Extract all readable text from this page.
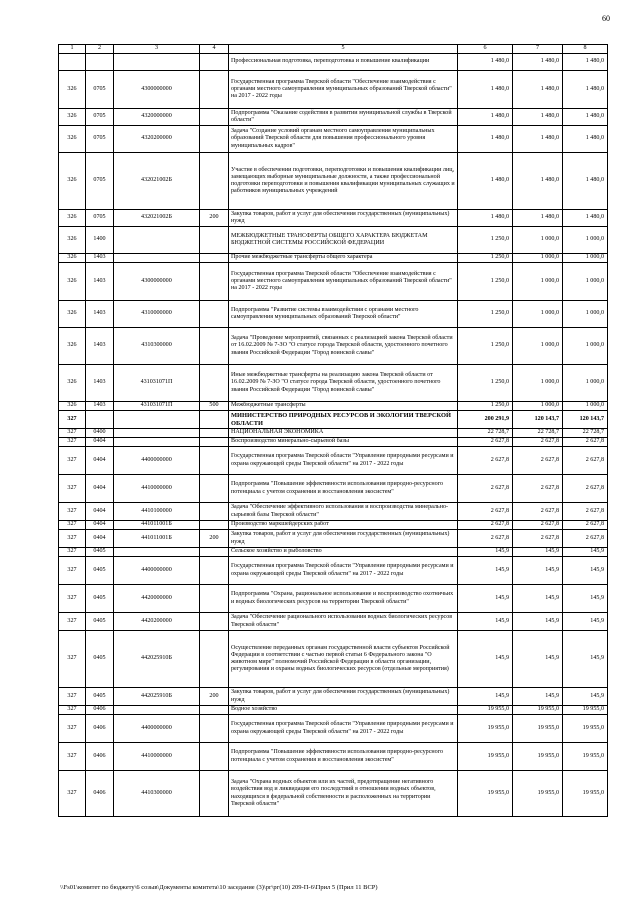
60
1	2	3	4	5	6	7	8
				Профессиональная подготовка, переподготовка и повышение квалификации	1 480,0	1 480,0	1 480,0
326	0705	4300000000		Государственная программа Тверской области "Обеспечение взаимодействия с органами местного самоуправления муниципальных образований Тверской области" на 2017 - 2022 годы	1 480,0	1 480,0	1 480,0
326	0705	4320000000		Подпрограмма "Оказание содействия в развитии муниципальной службы в Тверской области"	1 480,0	1 480,0	1 480,0
326	0705	4320200000		Задача "Создание условий органам местного самоуправления муниципальных образований Тверской области для повышения профессионального уровня муниципальных кадров"	1 480,0	1 480,0	1 480,0
326	0705	432021002Б		Участие в обеспечении подготовки, переподготовки и повышения квалификации лиц, замещающих выборные муниципальные должности, а также профессиональной подготовки переподготовки и повышения квалификации муниципальных служащих и работников муниципальных учреждений	1 480,0	1 480,0	1 480,0
326	0705	432021002Б	200	Закупка товаров, работ и услуг для обеспечения государственных (муниципальных) нужд	1 480,0	1 480,0	1 480,0
326	1400			МЕЖБЮДЖЕТНЫЕ ТРАНСФЕРТЫ ОБЩЕГО ХАРАКТЕРА БЮДЖЕТАМ БЮДЖЕТНОЙ СИСТЕМЫ РОССИЙСКОЙ ФЕДЕРАЦИИ	1 250,0	1 000,0	1 000,0
326	1403			Прочие межбюджетные трансферты общего характера	1 250,0	1 000,0	1 000,0
326	1403	4300000000		Государственная программа Тверской области "Обеспечение взаимодействия с органами местного самоуправления муниципальных образований Тверской области" на 2017 - 2022 годы	1 250,0	1 000,0	1 000,0
326	1403	4310000000		Подпрограмма "Развитие системы взаимодействия с органами местного самоуправления муниципальных образований Тверской области"	1 250,0	1 000,0	1 000,0
326	1403	4310300000		Задача "Проведение мероприятий, связанных с реализацией закона Тверской области от 16.02.2009 № 7-ЗО "О статусе города Тверской области, удостоенного почетного звания Российской Федерации "Город воинской славы"	1 250,0	1 000,0	1 000,0
326	1403	431031071П		Иные межбюджетные трансферты на реализацию закона Тверской области от 16.02.2009 № 7-ЗО "О статусе города Тверской области, удостоенного почетного звания Российской Федерации "Город воинской славы"	1 250,0	1 000,0	1 000,0
326	1403	431031071П	500	Межбюджетные трансферты	1 250,0	1 000,0	1 000,0
327				МИНИСТЕРСТВО ПРИРОДНЫХ РЕСУРСОВ И ЭКОЛОГИИ ТВЕРСКОЙ ОБЛАСТИ	200 291,9	120 143,7	120 143,7
327	0400			НАЦИОНАЛЬНАЯ ЭКОНОМИКА	22 728,7	22 728,7	22 728,7
327	0404			Воспроизводство минерально-сырьевой базы	2 627,8	2 627,8	2 627,8
327	0404	4400000000		Государственная программа Тверской области "Управление природными ресурсами и охрана окружающей среды Тверской области" на 2017 - 2022 годы	2 627,8	2 627,8	2 627,8
327	0404	4410000000		Подпрограмма "Повышение эффективности использования природно-ресурсного потенциала с учетом сохранения и восстановления экосистем"	2 627,8	2 627,8	2 627,8
327	0404	4410100000		Задача "Обеспечение эффективного использования и воспроизводства минерально-сырьевой базы Тверской области"	2 627,8	2 627,8	2 627,8
327	0404	441011001Б		Производство маркшейдерских работ	2 627,8	2 627,8	2 627,8
327	0404	441011001Б	200	Закупка товаров, работ и услуг для обеспечения государственных (муниципальных) нужд	2 627,8	2 627,8	2 627,8
327	0405			Сельское хозяйство и рыболовство	145,9	145,9	145,9
327	0405	4400000000		Государственная программа Тверской области "Управление природными ресурсами и охрана окружающей среды Тверской области" на 2017 - 2022 годы	145,9	145,9	145,9
327	0405	4420000000		Подпрограмма "Охрана, рациональное использование и воспроизводство охотничьих и водных биологических ресурсов на территории Тверской области"	145,9	145,9	145,9
327	0405	4420200000		Задача "Обеспечение рационального использования водных биологических ресурсов Тверской области"	145,9	145,9	145,9
327	0405	442025910Б		Осуществление переданных органам государственной власти субъектов Российской Федерации в соответствии с частью первой статьи 6 Федерального закона "О животном мире" полномочий Российской Федерации в области организации, регулирования и охраны водных биологических ресурсов (отдельные мероприятия)	145,9	145,9	145,9
327	0405	442025910Б	200	Закупка товаров, работ и услуг для обеспечения государственных (муниципальных) нужд	145,9	145,9	145,9
327	0406			Водное хозяйство	19 955,0	19 955,0	19 955,0
327	0406	4400000000		Государственная программа Тверской области "Управление природными ресурсами и охрана окружающей среды Тверской области" на 2017 - 2022 годы	19 955,0	19 955,0	19 955,0
327	0406	4410000000		Подпрограмма "Повышение эффективности использования природно-ресурсного потенциала с учетом сохранения и восстановления экосистем"	19 955,0	19 955,0	19 955,0
327	0406	4410300000		Задача "Охрана водных объектов или их частей, предотвращение негативного воздействия вод и ликвидация его последствий в отношении водных объектов, находящихся в федеральной собственности и расположенных на территории Тверской области"	19 955,0	19 955,0	19 955,0
\\Fs01\комитет по бюджету\6 созыв\Документы комитета\10 заседание (3)\рг\рг(10) 209-П-6\Прил 5 (Прил 11 ВСР)
